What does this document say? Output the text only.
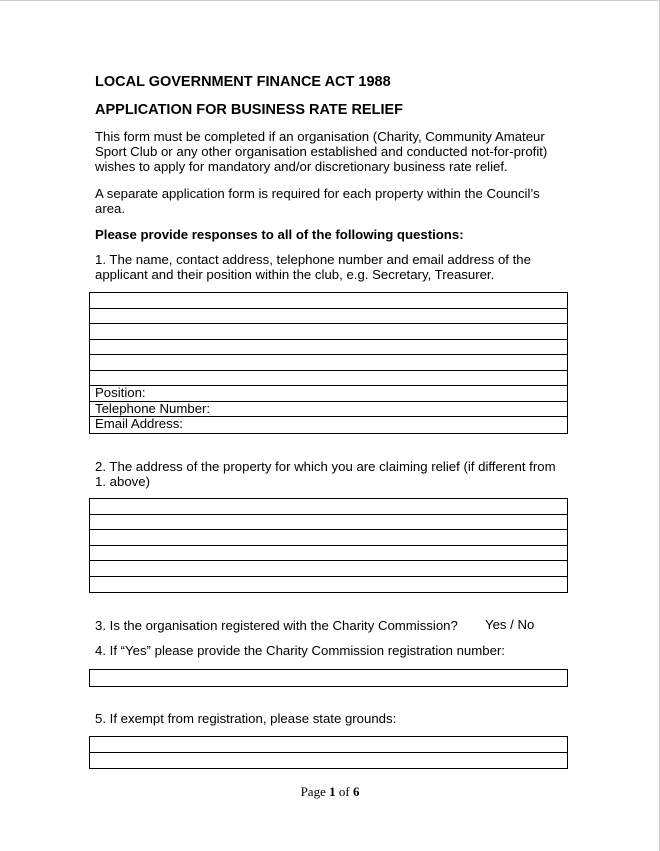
LOCAL GOVERNMENT FINANCE ACT 1988
APPLICATION FOR BUSINESS RATE RELIEF
This form must be completed if an organisation (Charity, Community Amateur Sport Club or any other organisation established and conducted not-for-profit) wishes to apply for mandatory and/or discretionary business rate relief.
A separate application form is required for each property within the Council’s area.
Please provide responses to all of the following questions:
1. The name, contact address, telephone number and email address of the applicant and their position within the club, e.g. Secretary, Treasurer.
Position:
Telephone Number:
Email Address:
2. The address of the property for which you are claiming relief (if different from 1. above)
3. Is the organisation registered with the Charity Commission?	Yes / No
4. If “Yes” please provide the Charity Commission registration number:
5. If exempt from registration, please state grounds:
Page 1 of 6
